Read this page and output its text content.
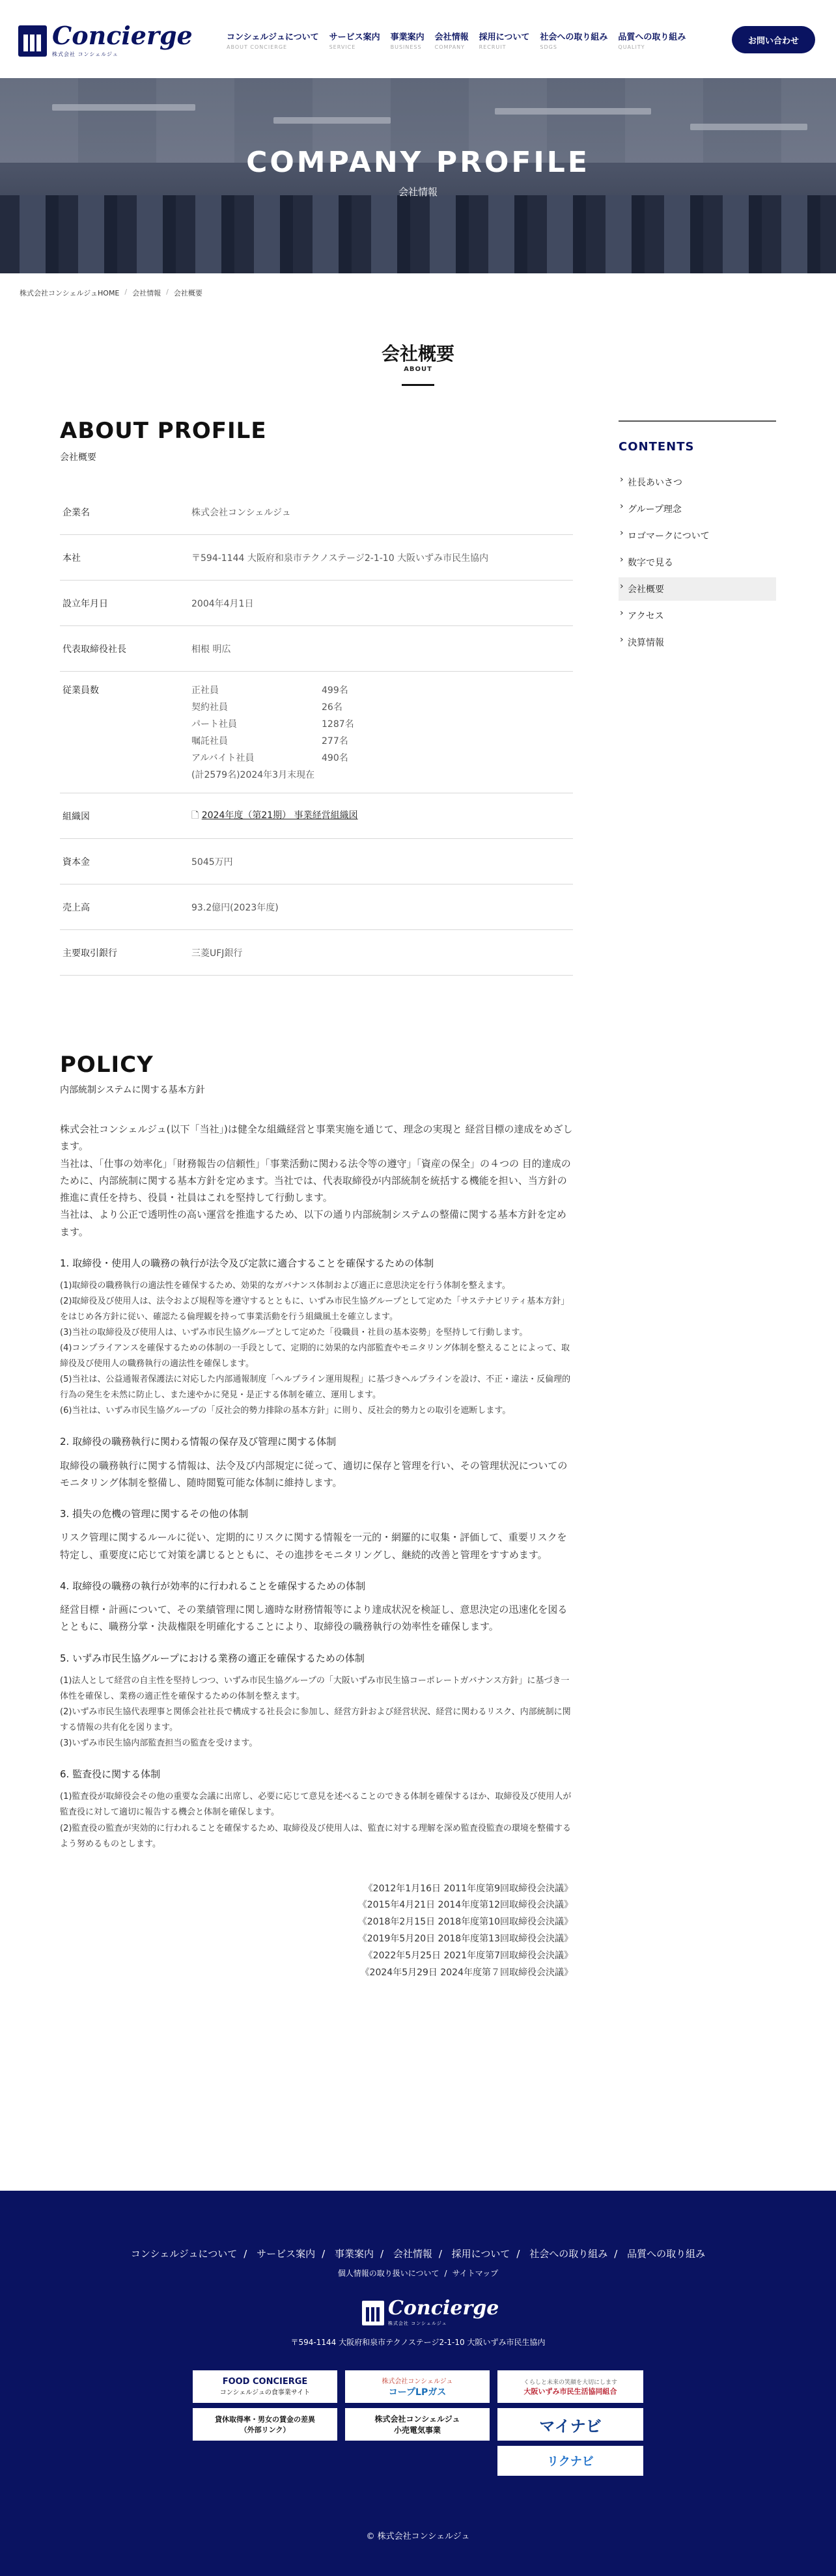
Concierge
株式会社 コンシェルジュ
コンシェルジュについて
ABOUT CONCIERGE
サービス案内
SERVICE
事業案内
BUSINESS
会社情報
COMPANY
採用について
RECRUIT
社会への取り組み
SDGS
品質への取り組み
QUALITY
お問い合わせ
COMPANY PROFILE
会社情報
株式会社コンシェルジュHOME / 会社情報 / 会社概要
会社概要
ABOUT
ABOUT PROFILE
会社概要
企業名	株式会社コンシェルジュ
本社	〒594-1144 大阪府和泉市テクノステージ2-1-10 大阪いずみ市民生協内
設立年月日	2004年4月1日
代表取締役社長	相根 明広
従業員数	正社員	499名
契約社員	26名
パート社員	1287名
嘱託社員	277名
アルバイト社員	490名
(計2579名)2024年3月末現在
組織図	🗋 2024年度（第21期） 事業経営組織図
資本金	5045万円
売上高	93.2億円(2023年度)
主要取引銀行	三菱UFJ銀行
CONTENTS
› 社長あいさつ
› グループ理念
› ロゴマークについて
› 数字で見る
› 会社概要
› アクセス
› 決算情報
POLICY
内部統制システムに関する基本方針
株式会社コンシェルジュ(以下「当社」)は健全な組織経営と事業実施を通じて、理念の実現と 経営目標の達成をめざします。
当社は、「仕事の効率化」「財務報告の信頼性」「事業活動に関わる法令等の遵守」「資産の保全」の４つの 目的達成のために、内部統制に関する基本方針を定めます。当社では、代表取締役が内部統制を統括する機能を担い、当方針の推進に責任を持ち、役員・社員はこれを堅持して行動します。
当社は、より公正で透明性の高い運営を推進するため、以下の通り内部統制システムの整備に関する基本方針を定めます。
1. 取締役・使用人の職務の執行が法令及び定款に適合することを確保するための体制
(1)取締役の職務執行の適法性を確保するため、効果的なガバナンス体制および適正に意思決定を行う体制を整えます。
(2)取締役及び使用人は、法令および規程等を遵守するとともに、いずみ市民生協グループとして定めた「サステナビリティ基本方針」をはじめ各方針に従い、確認たる倫理観を持って事業活動を行う組織風土を確立します。
(3)当社の取締役及び使用人は、いずみ市民生協グループとして定めた「役職員・社員の基本姿勢」を堅持して行動します。
(4)コンプライアンスを確保するための体制の一手段として、定期的に効果的な内部監査やモニタリング体制を整えることによって、取締役及び使用人の職務執行の適法性を確保します。
(5)当社は、公益通報者保護法に対応した内部通報制度「ヘルプライン運用規程」に基づきヘルプラインを設け、不正・違法・反倫理的行為の発生を未然に防止し、また速やかに発見・是正する体制を確立、運用します。
(6)当社は、いずみ市民生協グループの「反社会的勢力排除の基本方針」に則り、反社会的勢力との取引を遮断します。
2. 取締役の職務執行に関わる情報の保存及び管理に関する体制
取締役の職務執行に関する情報は、法令及び内部規定に従って、適切に保存と管理を行い、その管理状況についてのモニタリング体制を整備し、随時閲覧可能な体制に維持します。
3. 損失の危機の管理に関するその他の体制
リスク管理に関するルールに従い、定期的にリスクに関する情報を一元的・網羅的に収集・評価して、重要リスクを特定し、重要度に応じて対策を講じるとともに、その進捗をモニタリングし、継続的改善と管理をすすめます。
4. 取締役の職務の執行が効率的に行われることを確保するための体制
経営目標・計画について、その業績管理に関し適時な財務情報等により達成状況を検証し、意思決定の迅速化を図るとともに、職務分掌・決裁権限を明確化することにより、取締役の職務執行の効率性を確保します。
5. いずみ市民生協グループにおける業務の適正を確保するための体制
(1)法人として経営の自主性を堅持しつつ、いずみ市民生協グループの「大阪いずみ市民生協コーポレートガバナンス方針」に基づき一体性を確保し、業務の適正性を確保するための体制を整えます。
(2)いずみ市民生協代表理事と関係会社社長で構成する社長会に参加し、経営方針および経営状況、経営に関わるリスク、内部統制に関する情報の共有化を図ります。
(3)いずみ市民生協内部監査担当の監査を受けます。
6. 監査役に関する体制
(1)監査役が取締役会その他の重要な会議に出席し、必要に応じて意見を述べることのできる体制を確保するほか、取締役及び使用人が監査役に対して適切に報告する機会と体制を確保します。
(2)監査役の監査が実効的に行われることを確保するため、取締役及び使用人は、監査に対する理解を深め監査役監査の環境を整備するよう努めるものとします。
《2012年1月16日 2011年度第9回取締役会決議》
《2015年4月21日 2014年度第12回取締役会決議》
《2018年2月15日 2018年度第10回取締役会決議》
《2019年5月20日 2018年度第13回取締役会決議》
《2022年5月25日 2021年度第7回取締役会決議》
《2024年5月29日 2024年度第７回取締役会決議》
コンシェルジュについて / サービス案内 / 事業案内 / 会社情報 / 採用について / 社会への取り組み / 品質への取り組み
個人情報の取り扱いについて / サイトマップ
Concierge
株式会社 コンシェルジュ
〒594-1144 大阪府和泉市テクノステージ2-1-10 大阪いずみ市民生協内
FOOD CONCIERGE
コンシェルジュの食事業サイト
株式会社コンシェルジュ
コープLPガス
くらしと未来の笑顔を大切にします
大阪いずみ市民生活協同組合
貸休取得率・男女の賃金の差異
（外部リンク）
株式会社コンシェルジュ
小売電気事業	マイナビ
リクナビ
© 株式会社コンシェルジュ
